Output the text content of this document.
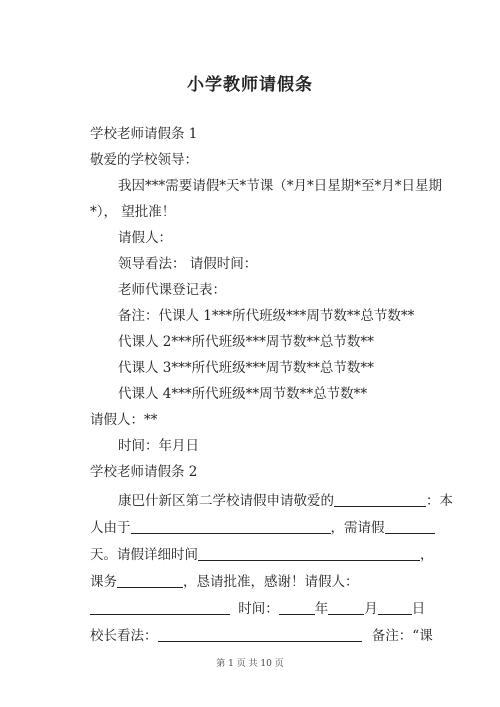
小学教师请假条
学校老师请假条 1
敬爱的学校领导：
我因***需要请假*天*节课（*月*日星期*至*月*日星期
*）， 望批准！
请假人：
领导看法： 请假时间：
老师代课登记表：
备注：代课人 1***所代班级***周节数**总节数**
代课人 2***所代班级***周节数**总节数**
代课人 3***所代班级***周节数**总节数**
代课人 4***所代班级**周节数**总节数**
请假人：**
时间：年月日
学校老师请假条 2
康巴什新区第二学校请假申请敬爱的	：本
人由于	，需请假
天。请假详细时间	，
课务	，恳请批准，感谢！请假人：
时间：	年	月	日
校长看法：	备注：“课
第 1 页 共 10 页
